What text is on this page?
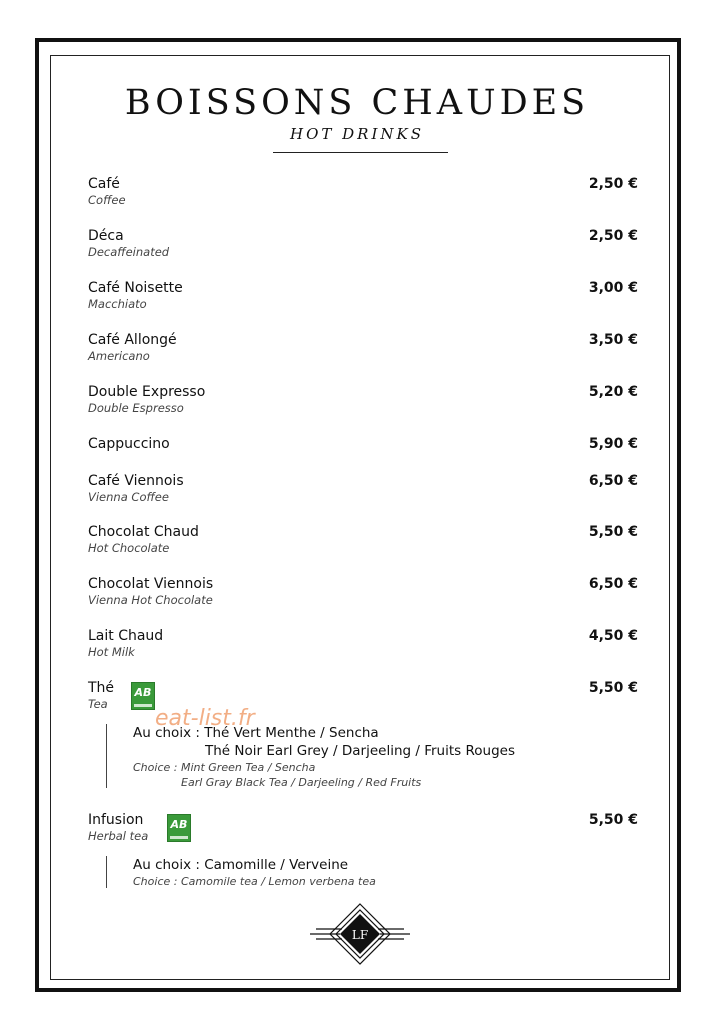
BOISSONS CHAUDES
HOT DRINKS
Café
Coffee
2,50 €
Déca
Decaffeinated
2,50 €
Café Noisette
Macchiato
3,00 €
Café Allongé
Americano
3,50 €
Double Expresso
Double Espresso
5,20 €
Cappuccino	5,90 €
Café Viennois
Vienna Coffee
6,50 €
Chocolat Chaud
Hot Chocolate
5,50 €
Chocolat Viennois
Vienna Hot Chocolate
6,50 €
Lait Chaud
Hot Milk
4,50 €
Thé
Tea
5,50 €
AB
Au choix : Thé Vert Menthe / Sencha
Thé Noir Earl Grey / Darjeeling / Fruits Rouges
Choice : Mint Green Tea / Sencha
Earl Gray Black Tea / Darjeeling / Red Fruits
Infusion
Herbal tea
5,50 €
AB
Au choix : Camomille / Verveine
Choice : Camomile tea / Lemon verbena tea
eat-list.fr
LF
